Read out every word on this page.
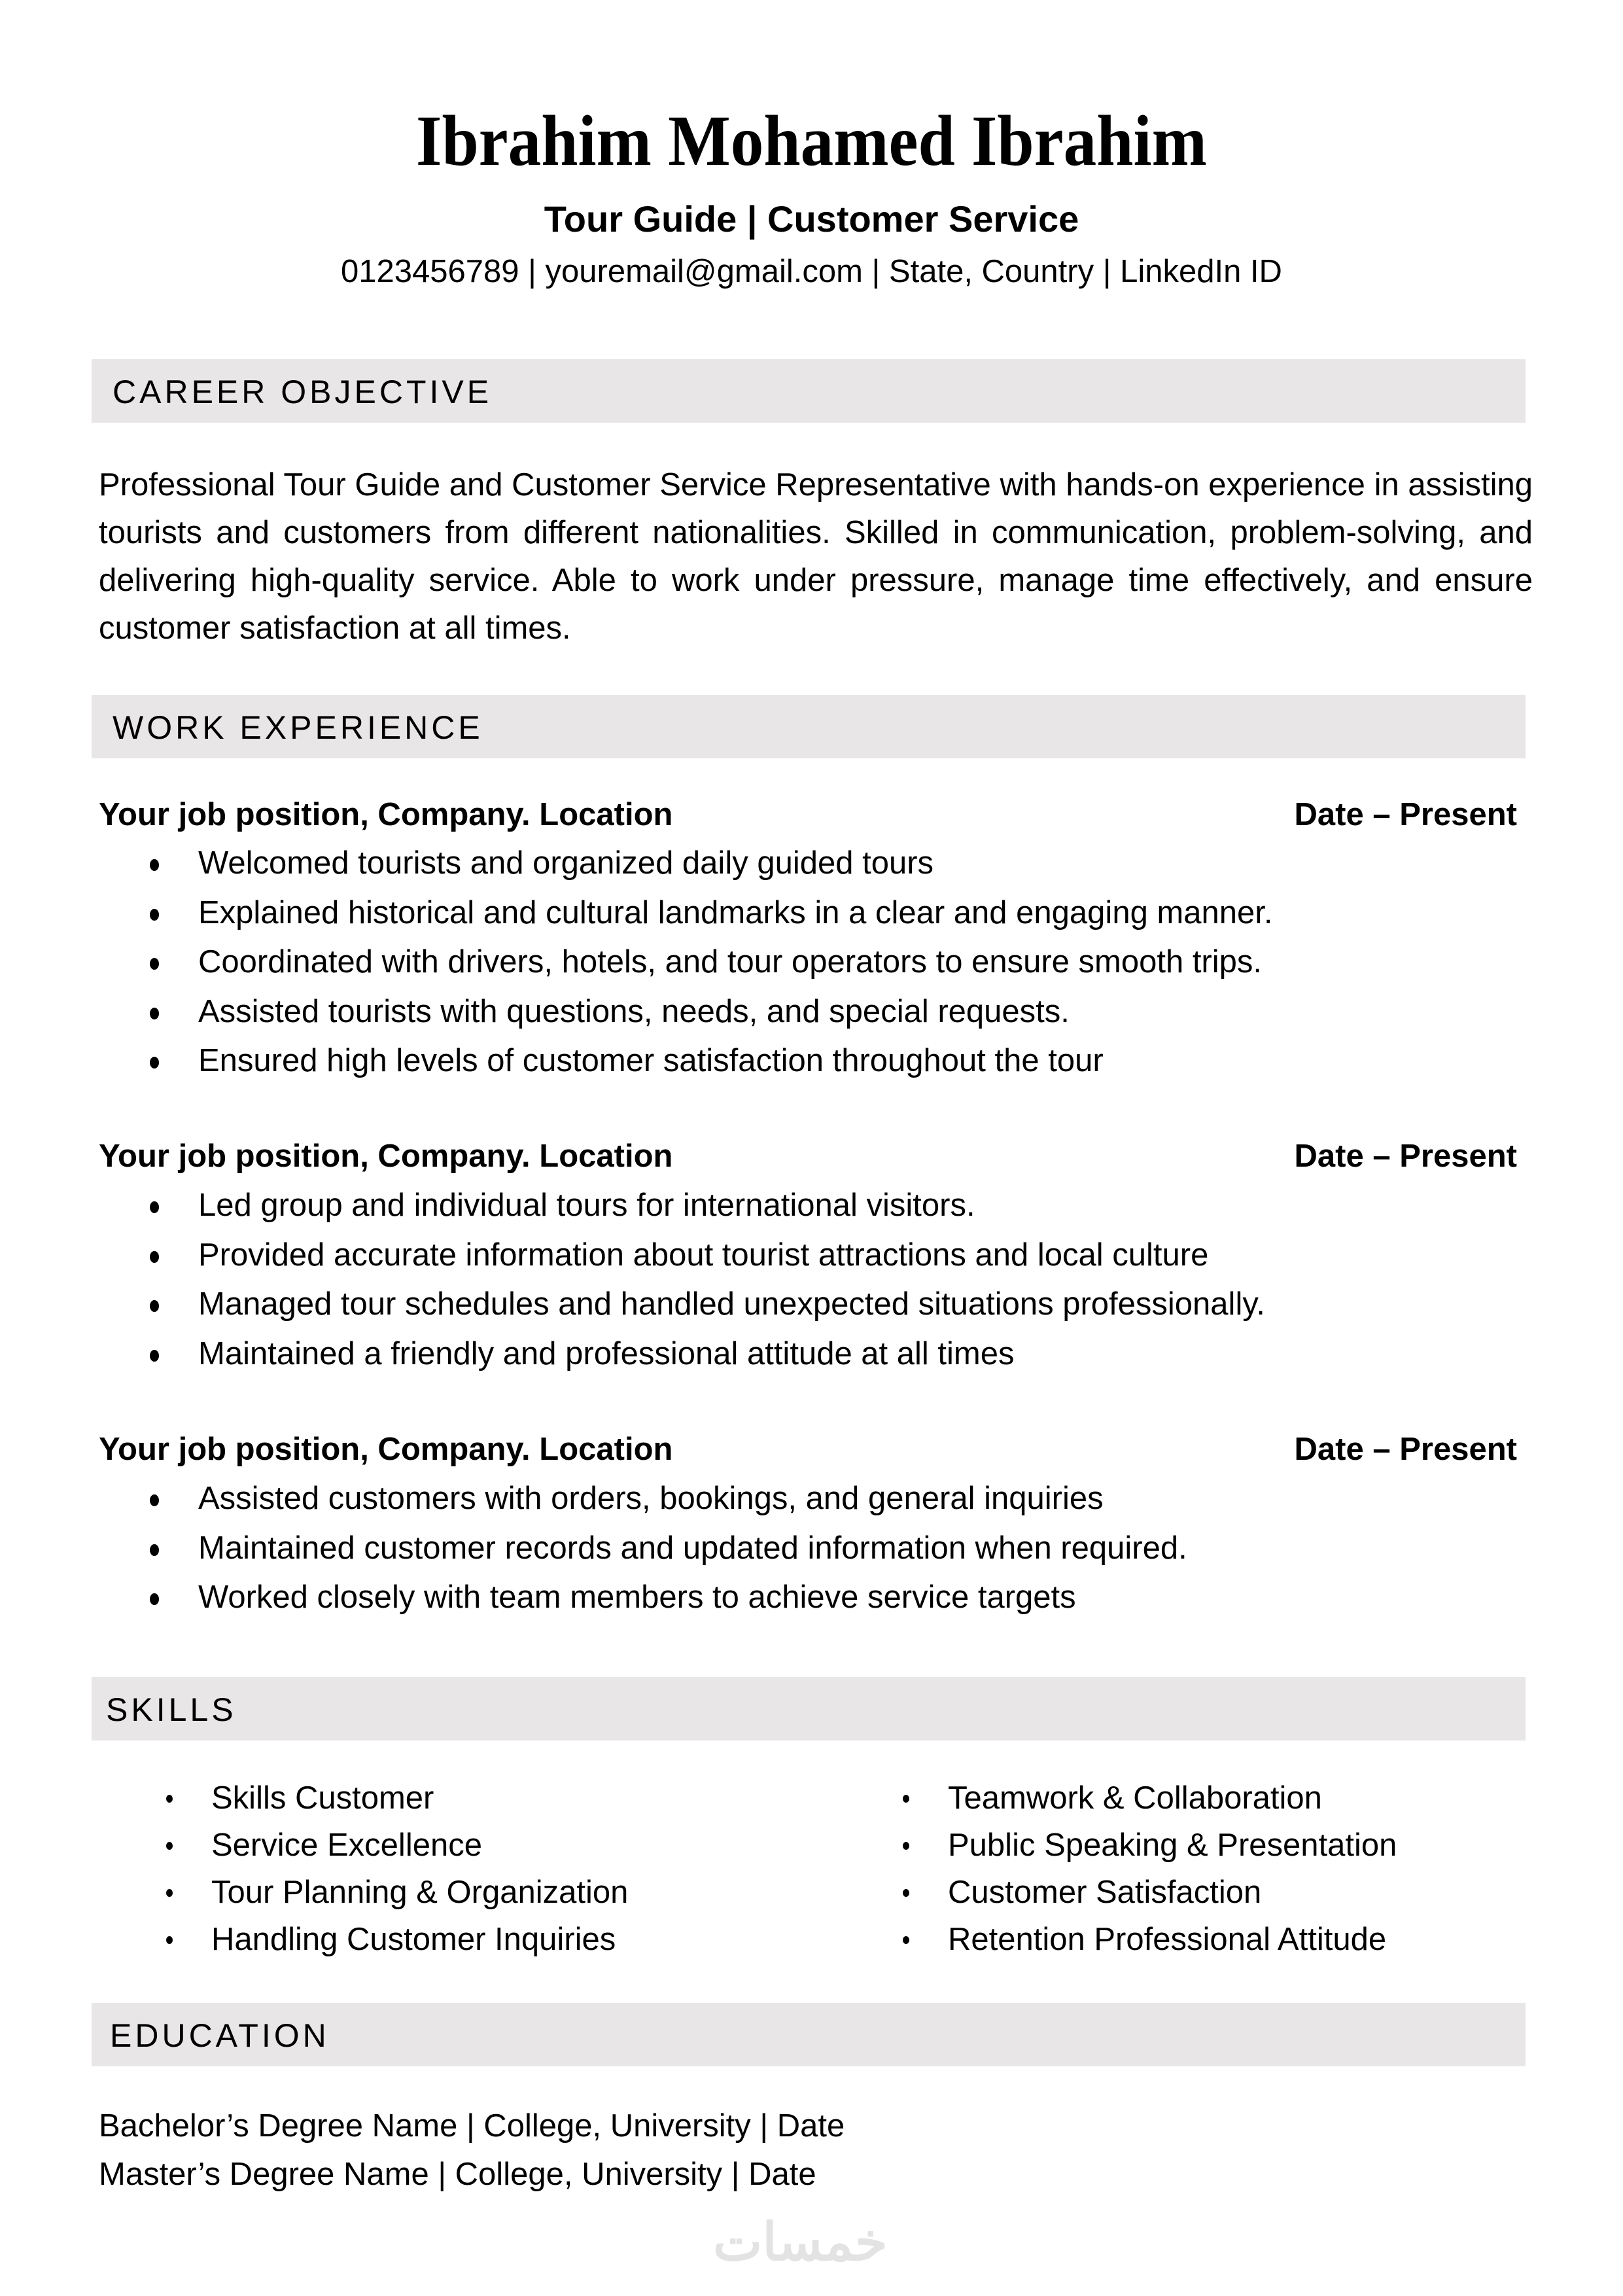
Ibrahim Mohamed Ibrahim
Tour Guide | Customer Service
0123456789 | youremail@gmail.com | State, Country | LinkedIn ID
CAREER OBJECTIVE
Professional Tour Guide and Customer Service Representative with hands-on experience in assisting tourists and customers from different nationalities. Skilled in communication, problem-solving, and delivering high-quality service. Able to work under pressure, manage time effectively, and ensure customer satisfaction at all times.
WORK EXPERIENCE
Your job position, Company. Location	Date – Present
Welcomed tourists and organized daily guided tours
Explained historical and cultural landmarks in a clear and engaging manner.
Coordinated with drivers, hotels, and tour operators to ensure smooth trips.
Assisted tourists with questions, needs, and special requests.
Ensured high levels of customer satisfaction throughout the tour
Your job position, Company. Location	Date – Present
Led group and individual tours for international visitors.
Provided accurate information about tourist attractions and local culture
Managed tour schedules and handled unexpected situations professionally.
Maintained a friendly and professional attitude at all times
Your job position, Company. Location	Date – Present
Assisted customers with orders, bookings, and general inquiries
Maintained customer records and updated information when required.
Worked closely with team members to achieve service targets
SKILLS
Skills Customer
Service Excellence
Tour Planning & Organization
Handling Customer Inquiries
Teamwork & Collaboration
Public Speaking & Presentation
Customer Satisfaction
Retention Professional Attitude
EDUCATION
Bachelor’s Degree Name | College, University | Date
Master’s Degree Name | College, University | Date
خمسات
